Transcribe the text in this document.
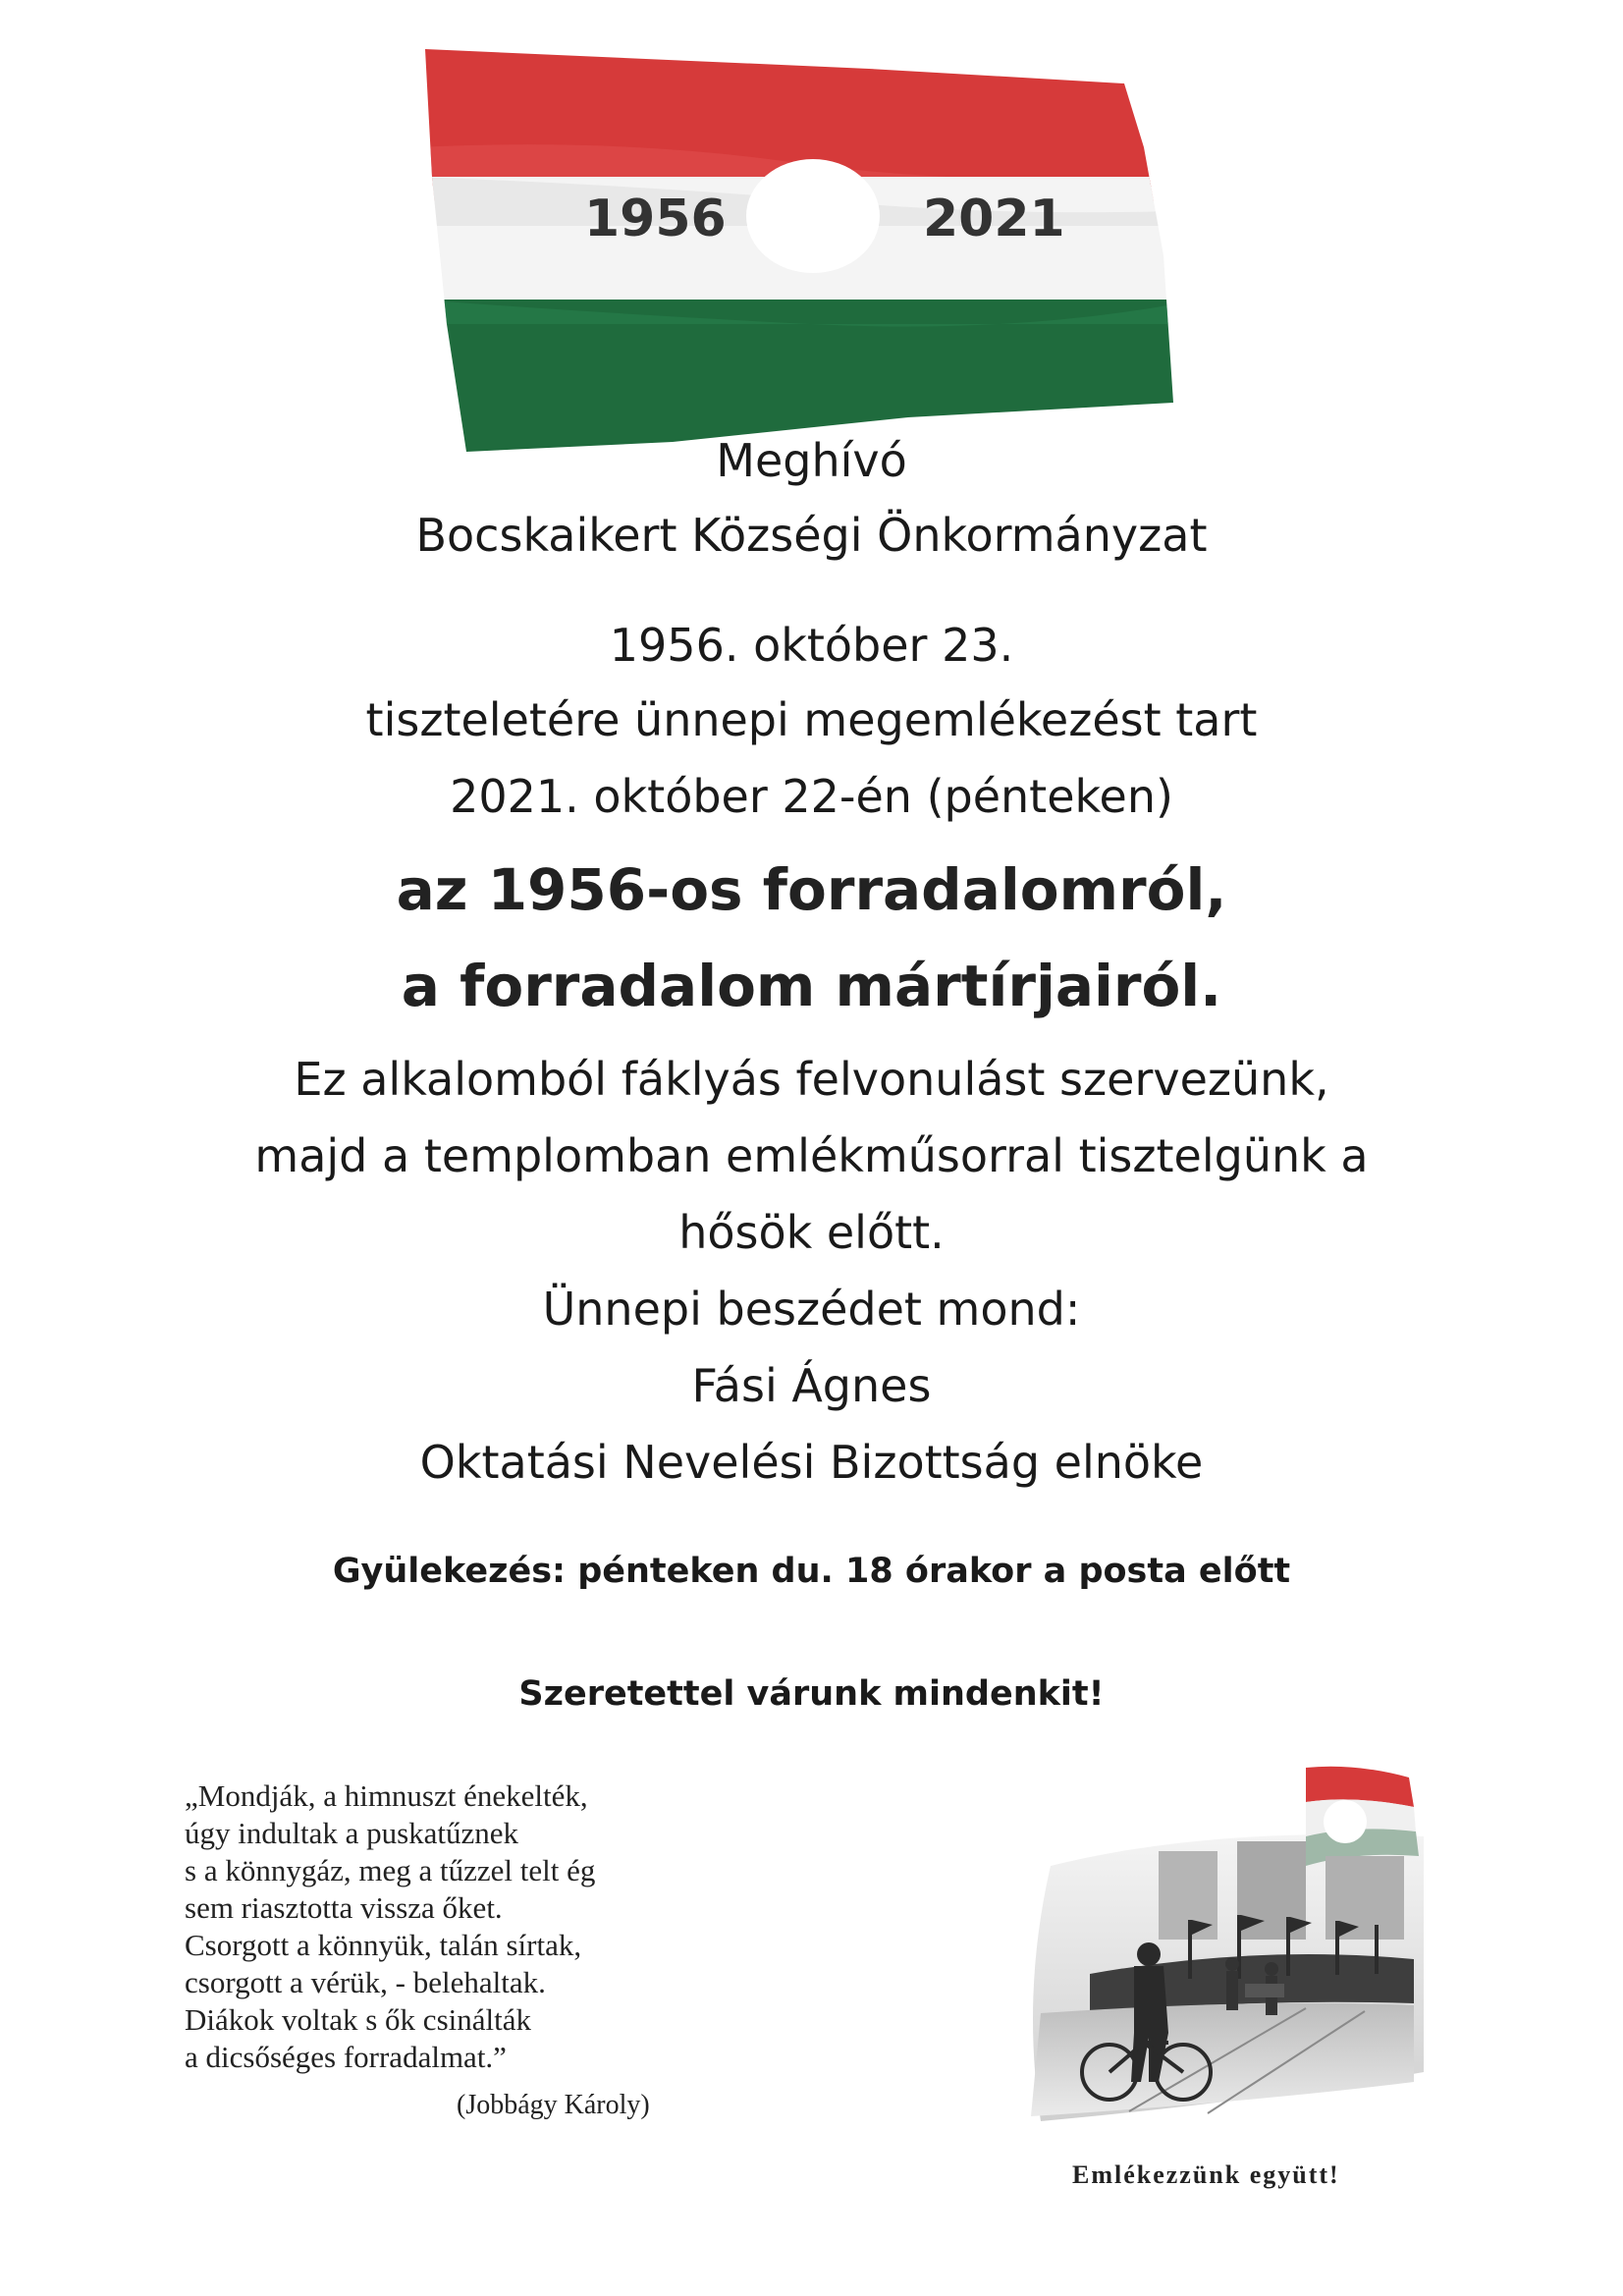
1956	2021
Meghívó
Bocskaikert Községi Önkormányzat
1956. október 23.
tiszteletére ünnepi megemlékezést tart
2021. október 22-én (pénteken)
az 1956-os forradalomról,
a forradalom mártírjairól.
Ez alkalomból fáklyás felvonulást szervezünk,
majd a templomban emlékműsorral tisztelgünk a
hősök előtt.
Ünnepi beszédet mond:
Fási Ágnes
Oktatási Nevelési Bizottság elnöke
Gyülekezés: pénteken du. 18 órakor a posta előtt
Szeretettel várunk mindenkit!
„Mondják, a himnuszt énekelték,
úgy indultak a puskatűznek
s a könnygáz, meg a tűzzel telt ég
sem riasztotta vissza őket.
Csorgott a könnyük, talán sírtak,
csorgott a vérük, - belehaltak.
Diákok voltak s ők csinálták
a dicsőséges forradalmat.”
(Jobbágy Károly)
Emlékezzünk együtt!
